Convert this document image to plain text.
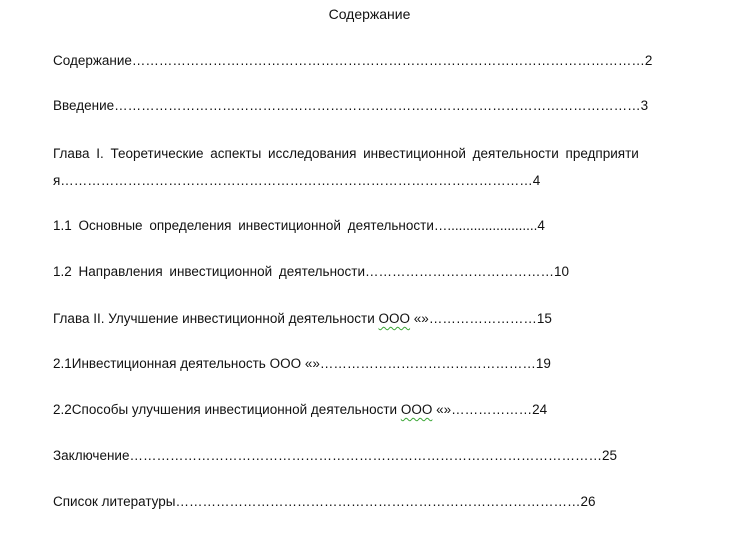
Содержание
Содержание……………………………………………………………………………………………………2
Введение………………………………………………………………………………………………………3
Глава I. Теоретические аспекты исследования инвестиционной деятельности предприяти
я……………………………………………………………………………………………4
1.1 Основные определения инвестиционной деятельности…........................4
1.2 Направления инвестиционной деятельности……………………………………10
Глава II. Улучшение инвестиционной деятельности ООО «»……………………15
2.1Инвестиционная деятельность ООО «»…………………………………………19
2.2Способы улучшения инвестиционной деятельности ООО «»………………24
Заключение……………………………………………………………………………………………25
Список литературы………………………………………………………………………………26
